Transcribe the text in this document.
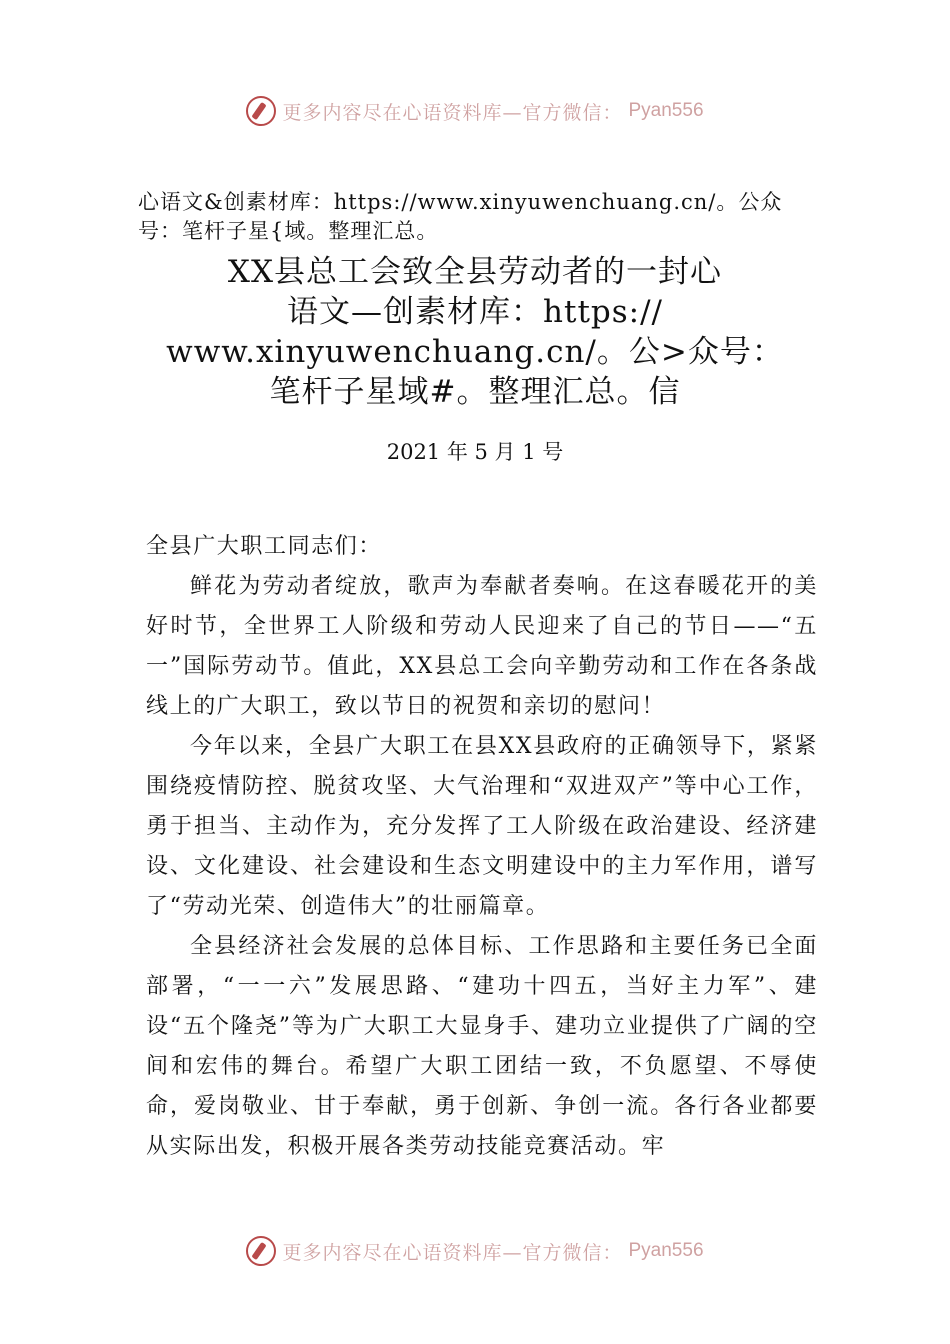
更多内容尽在心语资料库—官方微信： Pyan556
心语文&创素材库：https://www.xinyuwenchuang.cn/。公众号：笔杆子星{域。整理汇总。
XX县总工会致全县劳动者的一封心
语文—创素材库：https://
www.xinyuwenchuang.cn/。公>众号：
笔杆子星域#。整理汇总。信
2021 年 5 月 1 号

全县广大职工同志们：

鲜花为劳动者绽放，歌声为奉献者奏响。在这春暖花开的美好时节，全世界工人阶级和劳动人民迎来了自己的节日——“五一”国际劳动节。值此，XX县总工会向辛勤劳动和工作在各条战线上的广大职工，致以节日的祝贺和亲切的慰问！

今年以来，全县广大职工在县XX县政府的正确领导下，紧紧围绕疫情防控、脱贫攻坚、大气治理和“双进双产”等中心工作，勇于担当、主动作为，充分发挥了工人阶级在政治建设、经济建设、文化建设、社会建设和生态文明建设中的主力军作用，谱写了“劳动光荣、创造伟大”的壮丽篇章。

全县经济社会发展的总体目标、工作思路和主要任务已全面部署，“一一六”发展思路、“建功十四五，当好主力军”、建设“五个隆尧”等为广大职工大显身手、建功立业提供了广阔的空间和宏伟的舞台。希望广大职工团结一致，不负愿望、不辱使命，爱岗敬业、甘于奉献，勇于创新、争创一流。各行各业都要从实际出发，积极开展各类劳动技能竞赛活动。牢

更多内容尽在心语资料库—官方微信： Pyan556
